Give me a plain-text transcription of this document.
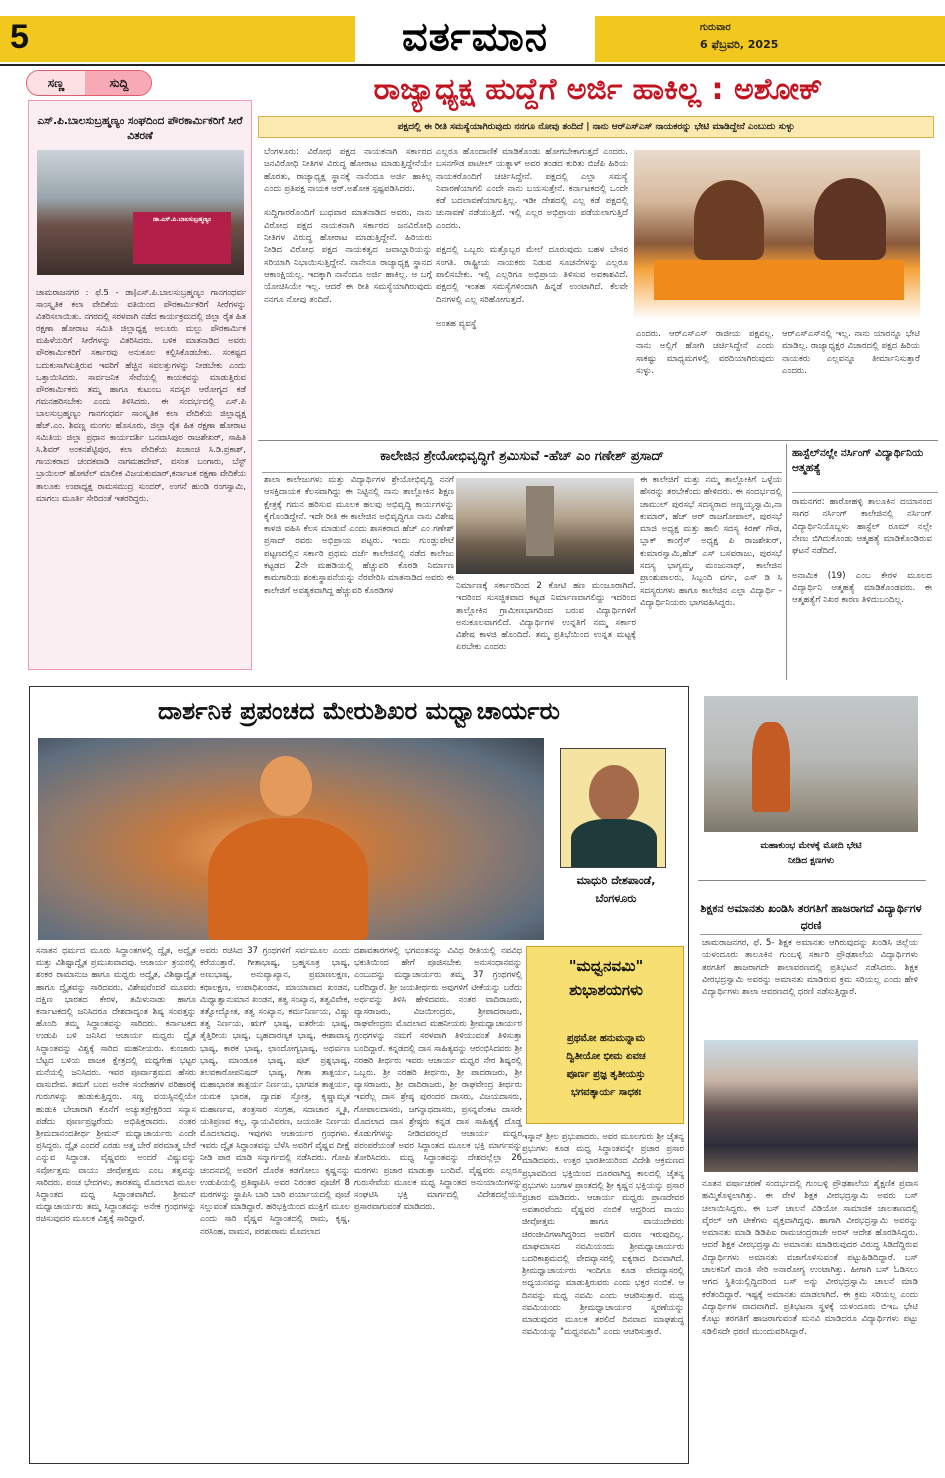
5	ವರ್ತಮಾನ	ಗುರುವಾರ
6 ಫೆಬ್ರವರಿ, 2025
ಸಣ್ಣ	ಸುದ್ದಿ
ಎಸ್.ಪಿ.ಬಾಲಸುಬ್ರಹ್ಮಣ್ಯಂ ಸಂಘದಿಂದ ಪೌರಕಾರ್ಮಿಕರಿಗೆ ಸೀರೆ ವಿತರಣೆ
ಡಾ.ಎಸ್.ಪಿ.ಬಾಲಸುಬ್ರಹ್ಮಣ್ಯಂ
ಚಾಮರಾಜನಗರ : ಫೆ.5 - ಡಾ|ಎಸ್.ಪಿ.ಬಾಲಸುಬ್ರಹ್ಮಣ್ಯಂ ಗಾನಗಂಧರ್ವ ಸಾಂಸ್ಕೃತಿಕ ಕಲಾ ವೇದಿಕೆಯ ವತಿಯಿಂದ ಪೌರಕಾರ್ಮಿಕರಿಗೆ ಸೀರೆಗಳನ್ನು ವಿತರಿಸಲಾಯಿತು. ನಗರದಲ್ಲಿ ಸರಳವಾಗಿ ನಡೆದ ಕಾರ್ಯಕ್ರಮದಲ್ಲಿ ಜಿಲ್ಲಾ ರೈತ ಹಿತ ರಕ್ಷಣಾ ಹೋರಾಟ ಸಮಿತಿ ಜಿಲ್ಲಾಧ್ಯಕ್ಷ ಅಲೂರು ಮಲ್ಲು ಪೌರಕಾರ್ಮಿಕ ಮಹಿಳೆಯರಿಗೆ ಸೀರೆಗಳನ್ನು ವಿತರಿಸಿದರು. ಬಳಿಕ ಮಾತನಾಡಿದ ಅವರು ಪೌರಕಾರ್ಮಿಕರಿಗೆ ಸರ್ಕಾರವು ಅನುಕೂಲ ಕಲ್ಪಿಸಿಕೊಡಬೇಕು. ಸಂಕಷ್ಟದ ಬದುಕುಸಾಗಿಸುತ್ತಿರುವ ಇವರಿಗೆ ಹೆಚ್ಚಿನ ಸವಲತ್ತುಗಳನ್ನು ನೀಡಬೇಕು ಎಂದು ಒತ್ತಾಯಿಸಿದರು. ಸಾರ್ವಜನಿಕ ಸೇವೆಯಲ್ಲಿ ಕಾಯಕವನ್ನು ಮಾಡುತ್ತಿರುವ ಪೌರಕಾರ್ಮಿಕರು ತಮ್ಮ ಹಾಗೂ ಕುಟುಂಬ ಸದಸ್ಯರ ಆರೋಗ್ಯದ ಕಡೆ ಗಮನಹರಿಸಬೇಕು ಎಂದು ತಿಳಿಸಿದರು. ಈ ಸಂದರ್ಭದಲ್ಲಿ ಎಸ್.ಪಿ ಬಾಲಸುಬ್ರಹ್ಮಣ್ಯಂ ಗಾನಗಂಧರ್ವ ಸಾಂಸ್ಕೃತಿಕ ಕಲಾ ವೇದಿಕೆಯ ಜಿಲ್ಲಾಧ್ಯಕ್ಷ ಹೆಚ್.ಎಂ. ಶಿವಣ್ಣ ಮಂಗಲ ಹೊಸೂರು, ಜಿಲ್ಲಾ ರೈತ ಹಿತ ರಕ್ಷಣಾ ಹೋರಾಟ ಸಮಿತಿಯ ಜಿಲ್ಲಾ ಪ್ರಧಾನ ಕಾರ್ಯದರ್ಶಿ ಬನವಾಸಿಪುರ ರಾಜಶೇಖರ್, ಸಾಹಿತಿ ಸಿ.ಶಿವರ್ ಅಂಕನಶೆಟ್ಟಿಪುರ, ಕಲಾ ವೇದಿಕೆಯ ಖಜಾಂಚಿ ಸಿ.ಡಿ.ಪ್ರಕಾಶ್, ಗಾಯಕರಾದ ಚಂದಕವಾಡಿ ನಾಗಮಹದೇವ್, ವಸಂತ ಬಂಗಾರು, ಬೆಸ್ಟ್ ಬ್ರಾಯಿಲರ್ ಹೋಟೆಲ್ ಮಾಲೀಕ ವಿಜಯಕುಮಾರ್,ಕರ್ನಾಟಕ ರಕ್ಷಣಾ ವೇದಿಕೆಯ ತಾಲೂಕು ಉಪಾಧ್ಯಕ್ಷ ರಾಮಸಮುದ್ರ ಸುಂದರ್, ಉಗನೆ ಹುಂಡಿ ರಂಗಸ್ವಾಮಿ, ಮಾಗಲು ಮೂರ್ತಿ ಸೇರಿದಂತೆ ಇತರರಿದ್ದರು.
ರಾಜ್ಯಾಧ್ಯಕ್ಷ ಹುದ್ದೆಗೆ ಅರ್ಜಿ ಹಾಕಿಲ್ಲ : ಅಶೋಕ್
ಪಕ್ಷದಲ್ಲಿ ಈ ರೀತಿ ಸಮಸ್ಯೆಯಾಗಿರುವುದು ನನಗೂ ನೋವು ತಂದಿದೆ | ನಾನು ಆರ್‌ಎಸ್‌ಎಸ್ ನಾಯಕರನ್ನು ಭೇಟಿ ಮಾಡಿದ್ದೇನೆ ಎಂಬುದು ಸುಳ್ಳು
ಬೆಂಗಳೂರು: ವಿರೋಧ ಪಕ್ಷದ ನಾಯಕನಾಗಿ ಸರ್ಕಾರದ ಜನವಿರೋಧಿ ನೀತಿಗಳ ವಿರುದ್ಧ ಹೋರಾಟ ಮಾಡುತ್ತಿದ್ದೇನೆಯೇ ಹೊರತು, ರಾಜ್ಯಾಧ್ಯಕ್ಷ ಸ್ಥಾನಕ್ಕೆ ನಾನೆಂದೂ ಅರ್ಜಿ ಹಾಕಿಲ್ಲ ಎಂದು ಪ್ರತಿಪಕ್ಷ ನಾಯಕ ಆರ್.ಅಶೋಕ ಸ್ಪಷ್ಟಪಡಿಸಿದರು.

ಸುದ್ದಿಗಾರರೊಂದಿಗೆ ಬುಧವಾರ ಮಾತನಾಡಿದ ಅವರು, ನಾನು ವಿರೋಧ ಪಕ್ಷದ ನಾಯಕನಾಗಿ ಸರ್ಕಾರದ ಜನವಿರೋಧಿ ನೀತಿಗಳ ವಿರುದ್ಧ ಹೋರಾಟ ಮಾಡುತ್ತಿದ್ದೇನೆ. ಹಿರಿಯರು ನೀಡಿದ ವಿರೋಧ ಪಕ್ಷದ ನಾಯಕತ್ವದ ಜವಾಬ್ದಾರಿಯನ್ನು ಸರಿಯಾಗಿ ನಿಭಾಯಿಸುತ್ತಿದ್ದೇನೆ. ನಾನೇನೂ ರಾಜ್ಯಾಧ್ಯಕ್ಷ ಸ್ಥಾನದ ಆಕಾಂಕ್ಷಿಯಲ್ಲ. ಇದಕ್ಕಾಗಿ ನಾನೆಂದೂ ಅರ್ಜಿ ಹಾಕಿಲ್ಲ. ಆ ಬಗ್ಗೆ ಯೋಚಿಸಿಯೇ ಇಲ್ಲ. ಆದರೆ ಈ ರೀತಿ ಸಮಸ್ಯೆಯಾಗಿರುವುದು ನನಗೂ ನೋವು ತಂದಿದೆ.
ಎಲ್ಲರೂ ಹೊಂದಾಣಿಕೆ ಮಾಡಿಕೊಂಡು ಹೋಗಬೇಕಾಗುತ್ತದೆ ಎಂದರು. ಬಸನಗೌಡ ಪಾಟೀಲ್ ಯತ್ನಾಳ್ ಅವರ ತಂಡದ ಕುರಿತು ಬಿಜೆಪಿ ಹಿರಿಯ ನಾಯಕರೊಂದಿಗೆ ಚರ್ಚಿಸಿದ್ದೇನೆ. ಪಕ್ಷದಲ್ಲಿ ಎಲ್ಲಾ ಸಮಸ್ಯೆ ನಿವಾರಣೆಯಾಗಲಿ ಎಂದೇ ನಾನು ಬಯಸುತ್ತೇನೆ. ಕರ್ನಾಟಕದಲ್ಲಿ ಒಂದೇ ಕಡೆ ಬದಲಾವಣೆಯಾಗುತ್ತಿಲ್ಲ. ಇಡೀ ದೇಶದಲ್ಲಿ ಎಲ್ಲ ಕಡೆ ಪಕ್ಷದಲ್ಲಿ ಚುನಾವಣೆ ನಡೆಯುತ್ತಿದೆ. ಇಲ್ಲಿ ಎಲ್ಲರ ಅಭಿಪ್ರಾಯ ಪಡೆಯಲಾಗುತ್ತಿದೆ ಎಂದರು.

ಪಕ್ಷದಲ್ಲಿ ಒಬ್ಬರು ಮತ್ತೊಬ್ಬರ ಮೇಲೆ ದೂರುವುದು ಬಹಳ ಬೇಸರ ಸಂಗತಿ. ರಾಷ್ಟ್ರೀಯ ನಾಯಕರು ನಿಡುವ ಸೂಚನೆಗಳನ್ನು ಎಲ್ಲರೂ ಪಾಲಿಸಬೇಕು. ಇಲ್ಲಿ ಎಲ್ಲರಿಗೂ ಅಭಿಪ್ರಾಯ ತಿಳಿಸುವ ಅವಕಾಶವಿದೆ. ಪಕ್ಷದಲ್ಲಿ ಇಂತಹ ಸಮಸ್ಯೆಗಳಿಂದಾಗಿ ಹಿನ್ನಡೆ ಉಂಟಾಗಿದೆ. ಕೆಲವೇ ದಿನಗಳಲ್ಲಿ ಎಲ್ಲ ಸರಿಹೋಗುತ್ತದೆ.

ಅಂತಹ ವ್ಯವಸ್ಥೆ
ಎಂದರು. ಆರ್‌ಎಸ್‌ಎಸ್ ರಾಜೀಯ ಪಕ್ಷವಲ್ಲ. ನಾನು ಅಲ್ಲಿಗೆ ಹೋಗಿ ಚರ್ಚಿಸಿದ್ದೇನೆ ಎಂದು ಸಾಕಷ್ಟು ಮಾಧ್ಯಮಗಳಲ್ಲಿ ವರದಿಯಾಗಿರುವುದು ಸುಳ್ಳು.
ಆರ್‌ಎಸ್‌ಎಸ್‌ನಲ್ಲಿ ಇಲ್ಲ. ನಾನು ಯಾರನ್ನೂ ಭೇಟಿ ಮಾಡಿಲ್ಲ. ರಾಜ್ಯಾಧ್ಯಕ್ಷರ ವಿಚಾರದಲ್ಲಿ ಪಕ್ಷದ ಹಿರಿಯ ನಾಯಕರು ಎಲ್ಲವನ್ನೂ ತೀರ್ಮಾನಿಸುತ್ತಾರೆ ಎಂದರು.
ಕಾಲೇಜಿನ ಶ್ರೇಯೋಭಿವೃದ್ಧಿಗೆ ಶ್ರಮಿಸುವೆ -ಹೆಚ್ ಎಂ ಗಣೇಶ್ ಪ್ರಸಾದ್
ಶಾಲಾ ಕಾಲೇಜುಗಳು ಮತ್ತು ವಿದ್ಯಾರ್ಥಿಗಳ ಶ್ರೇಯೋಭಿವೃದ್ಧಿ ನನಗೆ ಆಸಕ್ತಿದಾಯಕ ಕೆಲಸವಾಗಿದ್ದು ಈ ನಿಟ್ಟಿನಲ್ಲಿ ನಾನು ತಾಲ್ಲೋಕಿನ ಶಿಕ್ಷಣ ಕ್ಷೇತ್ರಕ್ಕೆ ಗಮನ ಹರಿಸುವ ಮೂಲಕ ಹಲವು ಅಭಿವೃದ್ಧಿ ಕಾರ್ಯಗಳನ್ನು ಕೈಗೊಂಡಿದ್ದೇನೆ. ಇದೇ ರೀತಿ ಈ ಕಾಲೇಜಿನ ಅಭಿವೃದ್ಧಿಗೂ ನಾನು ವಿಶೇಷ ಕಾಳಜಿ ವಹಿಸಿ ಕೆಲಸ ಮಾಡುವೆ ಎಂದು ಶಾಸಕರಾದ ಹೆಚ್ ಎಂ ಗಣೇಶ್ ಪ್ರಸಾದ್ ರವರು ಅಭಿಪ್ರಾಯ ಪಟ್ಟರು. ಇಂದು ಗುಂಡ್ಲುಪೇಟೆ ಪಟ್ಟಣದಲ್ಲಿನ ಸರ್ಕಾರಿ ಪ್ರಥಮ ದರ್ಜೆ ಕಾಲೇಜಿನಲ್ಲಿ ನಡೆದ ಕಾಲೇಜು ಕಟ್ಟಡದ 2ನೇ ಮಹಡಿಯಲ್ಲಿ ಹೆಚ್ಚುವರಿ ಕೊಠಡಿ ನಿರ್ಮಾಣ ಕಾಮಗಾರಿಯ ಶಂಕುಸ್ಥಾಪನೆಯನ್ನು ನೆರವೇರಿಸಿ ಮಾತನಾಡಿದ ಅವರು ಈ ಕಾಲೇಜಿಗೆ ಅವಶ್ಯಕವಾಗಿದ್ದ ಹೆಚ್ಚುವರಿ ಕೊಠಡಿಗಳ	ನಿರ್ಮಾಣಕ್ಕೆ ಸರ್ಕಾರದಿಂದ 2 ಕೋಟಿ ಹಣ ಮಂಜೂರಾಗಿದೆ. ಇದರಿಂದ ಸುಸಜ್ಜಿತವಾದ ಕಟ್ಟಡ ನಿರ್ಮಾಣವಾಗಲಿದ್ದು ಇದರಿಂದ ತಾಲ್ಲೋಕಿನ ಗ್ರಾಮೀಣಭಾಗದಿಂದ ಬರುವ ವಿದ್ಯಾರ್ಥಿಗಳಿಗೆ ಅನುಕೂಲವಾಗಲಿದೆ. ವಿದ್ಯಾರ್ಥಿಗಳ ಉನ್ನತಿಗೆ ನಮ್ಮ ಸರ್ಕಾರ ವಿಶೇಷ ಕಾಳಜಿ ಹೊಂದಿದೆ. ತಮ್ಮ ಪ್ರತಿಭೆಯಿಂದ ಉನ್ನತ ಮಟ್ಟಕ್ಕೆ ಏರಬೇಕು ಎಂದರು
ಈ ಕಾಲೇಜಿಗೆ ಮತ್ತು ನಮ್ಮ ತಾಲ್ಲೋಕಿಗೆ ಒಳ್ಳೆಯ ಹೆಸರನ್ನು ತರಬೇಕೆಂದು ಹೇಳಿದರು. ಈ ಸಂದರ್ಭದಲ್ಲಿ ಚಾಮುಲ್ ಪುರಸಭೆ ಸದಸ್ಯರಾದ ಅಣ್ಣಯ್ಯಸ್ವಾಮಿ,ನಾ ಕುಮಾರ್, ಹೆಚ್ ಆರ್ ರಾಜಗೋಪಾಲ್, ಪುರಸಭೆ ಮಾಜಿ ಅಧ್ಯಕ್ಷ ಮತ್ತು ಹಾಲಿ ಸದಸ್ಯ ಕಿರಣ್ ಗೌಡ, ಬ್ಲಾಕ್ ಕಾಂಗ್ರೆಸ್ ಅಧ್ಯಕ್ಷ ಪಿ ರಾಜಶೇಖರ್, ಕುಮಾರಸ್ವಾಮಿ,ಹೆಚ್ ಎಸ್ ಬಸವರಾಜು, ಪುರಸಭೆ ಸದಸ್ಯ ಭಾಗ್ಯಮ್ಮ, ಮಂಜುನಾಥ್, ಕಾಲೇಜಿನ ಪ್ರಾಂಶುಪಾಲರು, ಸಿಬ್ಬಂದಿ ವರ್ಗ, ಎಸ್ ಡಿ ಸಿ ಸದಸ್ಯರುಗಳು ಹಾಗೂ ಕಾಲೇಜಿನ ಎಲ್ಲಾ ವಿದ್ಯಾರ್ಥಿ - ವಿದ್ಯಾರ್ಥಿನಿಯರು ಭಾಗವಹಿಸಿದ್ದರು.
ಹಾಸ್ಟೆಲ್‌ನಲ್ಲೇ ನರ್ಸಿಂಗ್ ವಿದ್ಯಾರ್ಥಿನಿಯ ಆತ್ಮಹತ್ಯೆ
ರಾಮನಗರ: ಹಾರೋಹಳ್ಳಿ ತಾಲೂಕಿನ ದಯಾನಂದ ಸಾಗರ ನರ್ಸಿಂಗ್ ಕಾಲೇಜಿನಲ್ಲಿ ನರ್ಸಿಂಗ್ ವಿದ್ಯಾರ್ಥಿನಿಯೊಬ್ಬಳು ಹಾಸ್ಟೆಲ್ ರೂಮ್ ನಲ್ಲೇ ನೇಣು ಬಿಗಿದುಕೊಂಡು ಆತ್ಮಹತ್ಯೆ ಮಾಡಿಕೊಂಡಿರುವ ಘಟನೆ ನಡೆದಿದೆ.

ಅನಾಮಿಕ (19) ಎಂಬ ಕೇರಳ ಮೂಲದ ವಿದ್ಯಾರ್ಥಿನಿ ಆತ್ಮಹತ್ಯೆ ಮಾಡಿಕೊಂಡವರು. ಈ ಆತ್ಮಹತ್ಯೆಗೆ ನಿಖರ ಕಾರಣ ತಿಳಿದುಬಂದಿಲ್ಲ.
ದಾರ್ಶನಿಕ ಪ್ರಪಂಚದ ಮೇರುಶಿಖರ ಮಧ್ವಾಚಾರ್ಯರು
ಮಾಧುರಿ ದೇಶಪಾಂಡೆ,
ಬೆಂಗಳೂರು
ಸನಾತನ ಧರ್ಮದ ಮೂರು ಸಿದ್ಧಾಂತಗಳಲ್ಲಿ ದ್ವೈತ, ಅದ್ವೈತ ಮತ್ತು ವಿಶಿಷ್ಟಾದ್ವೈತ ಪ್ರಮುಖವಾದವು. ಆಚಾರ್ಯ ತ್ರಯರಲ್ಲಿ ಶಂಕರ ರಾಮಾನುಜ ಹಾಗೂ ಮಧ್ವರು ಅದ್ವೈತ, ವಿಶಿಷ್ಟಾದ್ವೈತ ಹಾಗೂ ದ್ವೈತವನ್ನು ಸಾರಿದವರು. ವಿಶೇಷವೆಂದರೆ ಮೂವರು ದಕ್ಷಿಣ ಭಾರತದ ಕೇರಳ, ತಮಿಳುನಾಡು ಹಾಗೂ ಕರ್ನಾಟಕದಲ್ಲಿ ಜನಿಸಿದರೂ ದೇಶದಾದ್ಯಂತ ಶಿಷ್ಯ ಸಂಪತ್ತನ್ನು ಹೊಂದಿ ತಮ್ಮ ಸಿದ್ಧಾಂತವನ್ನು ಸಾರಿದರು. ಕರ್ನಾಟಕದ ಉಡುಪಿ ಬಳಿ ಜನಿಸಿದ ಆಚಾರ್ಯ ಮಧ್ವರು ದ್ವೈತ ಸಿದ್ಧಾಂತವನ್ನು ವಿಶ್ವಕ್ಕೆ ಸಾರಿದ ಮಹನೀಯರು. ಕುಂಜಾರು ಬೆಟ್ಟದ ಬಳಿಯ ಪಾಜಕ ಕ್ಷೇತ್ರದಲ್ಲಿ ಮಧ್ಯಗೇಹ ಭಟ್ಟರ ಮನೆಯಲ್ಲಿ ಜನಿಸಿದರು. ಇವರ ಪೂರ್ವಾಶ್ರಮದ ಹೆಸರು ವಾಸುದೇವ. ತಮಗೆ ಬಂದ ಅನೇಕ ಸಂದೇಹಗಳ ಪರಿಹಾರಕ್ಕೆ ಗುರುಗಳನ್ನು ಹುಡುಕುತ್ತಿದ್ದರು. ಸಣ್ಣ ವಯಸ್ಸಿನಲ್ಲಿಯೇ ಹುಡುಕಿ ಬೇಜಾರಾಗಿ ಕೊನೆಗೆ ಅಚ್ಯುತಪ್ರೇಕ್ಷರಿಂದ ಸನ್ಯಾಸ ಪಡೆದು ಪೂರ್ಣಪ್ರಜ್ಞರೆಂದು ಅಭಿಷಿಕ್ತರಾದರು. ನಂತರ ಶ್ರೀಮದಾನಂದತೀರ್ಥ ಶ್ರೀಮನ್ ಮಧ್ವಾಚಾರ್ಯರು ಎಂದೇ ಪ್ರಸಿದ್ಧರು. ದ್ವೈತ ಎಂದರೆ ಎರಡು ಅತ್ಮ ಬೇರೆ ಪರಮಾತ್ಮ ಬೇರೆ ಎನ್ನುವ ಸಿದ್ಧಾಂತ. ವೈಷ್ಣವರು ಅಂದರೆ ವಿಷ್ಣುವನ್ನು ಸರ್ವೋತ್ತಮ ವಾಯು ಜೀವೋತ್ತಮ ಎಂಬ ತತ್ವವನ್ನು ಸಾರಿದರು. ಪಂಚ ಭೇದಗಳು, ತಾರತಮ್ಯ ಮೊದಲಾದ ಮೂಲ ಸಿದ್ಧಾಂತದ ಮಧ್ವ ಸಿದ್ಧಾಂತವಾಗಿದೆ. ಶ್ರೀಮನ್ ಮಧ್ವಾಚಾರ್ಯರು ತಮ್ಮ ಸಿದ್ಧಾಂತವನ್ನು ಅನೇಕ ಗ್ರಂಥಗಳನ್ನು ರಚಿಸುವುದರ ಮೂಲಕ ವಿಶ್ವಕ್ಕೆ ಸಾರಿದ್ದಾರೆ.
ಅವರು ರಚಿಸಿದ 37 ಗ್ರಂಥಗಳಿಗೆ ಸರ್ವಮೂಲ ಎಂದು ಕರೆಯುತ್ತಾರೆ. ಗೀತಾಭಾಷ್ಯ, ಬ್ರಹ್ಮಸೂತ್ರ ಭಾಷ್ಯ, ಅಣುಭಾಷ್ಯ, ಅನುವ್ಯಾಖ್ಯಾನ, ಪ್ರಮಾಣಲಕ್ಷಣ, ಕಥಾಲಕ್ಷಣ, ಉಪಾಧಿಖಂಡನ, ಮಾಯಾವಾದ ಖಂಡನ, ಮಿಥ್ಯಾತ್ವಾನುಮಾನ ಖಂಡನ, ತತ್ವ ಸಂಖ್ಯಾನ, ತತ್ವವಿವೇಕ, ತತ್ವೋದ್ಯೋತ, ತತ್ವ ಸಂಖ್ಯಾನ, ಕರ್ಮನಿರ್ಣಯ, ವಿಷ್ಣು ತತ್ವ ನಿರ್ಣಯ, ಋಗ್ ಭಾಷ್ಯ, ಐತರೇಯ ಭಾಷ್ಯ, ತೈತ್ತಿರೀಯ ಭಾಷ್ಯ, ಬೃಹದಾರಣ್ಯಕ ಭಾಷ್ಯ, ಈಶಾವಾಸ್ಯ ಭಾಷ್ಯ, ಕಾಠಕ ಭಾಷ್ಯ, ಛಾಂದೋಗ್ಯಭಾಷ್ಯ, ಅಥರ್ವಣ ಭಾಷ್ಯ, ಮಾಂಡೂಕ ಭಾಷ್ಯ, ಷಟ್ ಪ್ರಶ್ನಭಾಷ್ಯ, ತಲವಕಾರೋಪನಿಷದ್ ಭಾಷ್ಯ, ಗೀತಾ ತಾತ್ಪರ್ಯ, ಮಹಾಭಾರತ ತಾತ್ಪರ್ಯ ನಿರ್ಣಯ, ಭಾಗವತ ತಾತ್ಪರ್ಯ, ಯಮಕ ಭಾರತ, ದ್ವಾದಶ ಸ್ತೋತ್ರ, ಕೃಷ್ಣಾಮೃತ ಮಹಾರ್ಣವ, ತಂತ್ರಸಾರ ಸಂಗ್ರಹ, ಸದಾಚಾರ ಸ್ಮೃತಿ, ಯತಿಪ್ರಣವ ಕಲ್ಪ, ನ್ಯಾಯವಿವರಣ, ಜಯಂತೀ ನಿರ್ಣಯ ಮೊದಲಾದವು. ಇವುಗಳು ಆಚಾರ್ಯರ ಗ್ರಂಥಗಳು. ಇವರು ದ್ವೈತ ಸಿದ್ಧಾಂತವನ್ನು ಬೆಳೆಸಿ ಅವರಿಗೆ ವೈಷ್ಣವ ದೀಕ್ಷೆ ನೀಡಿ ಪಾಠ ಮಾಡಿ ಸನ್ಮಾರ್ಗದಲ್ಲಿ ನಡೆಸಿದರು. ಗೋಪಿ ಚಂದನದಲ್ಲಿ ಅವರಿಗೆ ದೊರೆತ ಕಡಗೋಲು ಕೃಷ್ಣನನ್ನು ಉಡುಪಿಯಲ್ಲಿ ಪ್ರತಿಷ್ಠಾಪಿಸಿ ಅವರ ನಿರಂತರ ಪೂಜೆಗೆ 8 ಮಠಗಳನ್ನು ಸ್ಥಾಪಿಸಿ ಬಾರಿ ಬಾರಿ ಪರ್ಯಾಯದಲ್ಲಿ ಪೂಜೆ ಸಲ್ಲುವಂತೆ ಮಾಡಿದ್ದಾರೆ. ಹರಿಭಕ್ತಿಯಿಂದ ಮುಕ್ತಿಗೆ ಮೂಲ ಎಂದು ಸಾರಿ ವೈಷ್ಣವ ಸಿದ್ಧಾಂತದಲ್ಲಿ ರಾಮ, ಕೃಷ್ಣ, ನರಸಿಂಹ, ವಾಮನ, ಪರಶುರಾಮ ಮೊದಲಾದ
ದಶಾವತಾರಗಳಲ್ಲಿ ಭಗವಂತನನ್ನು ವಿವಿಧ ರೀತಿಯಲ್ಲಿ ನವವಿಧ ಭಕುತಿಯಿಂದ ಹೇಗೆ ಪೂಜಿಸಬೇಕು ಅನುಸಂಧಾನವನ್ನು ಎಂಬುದನ್ನು ಮಧ್ವಾಚಾರ್ಯರು ತಮ್ಮ 37 ಗ್ರಂಥಗಳಲ್ಲಿ ಬರೆದಿದ್ದಾರೆ. ಶ್ರೀ ಜಯತೀರ್ಥರು ಅವುಗಳಿಗೆ ಟೀಕೆಯನ್ನು ಬರೆದು ಅರ್ಥವನ್ನು ತಿಳಿಸಿ ಹೇಳಿದವರು. ನಂತರ ವಾದಿರಾಜರು, ವ್ಯಾಸರಾಜರು, ವಿಜಯೀಂದ್ರರು, ಶ್ರೀಪಾದರಾಜರು, ರಾಘವೇಂದ್ರರು ಮೊದಲಾದ ಮಹನೀಯರು ಶ್ರೀಮಧ್ವಾಚಾರ್ಯರ ಗ್ರಂಥಗಳನ್ನು ನಮಗೆ ಸರಳವಾಗಿ ತಿಳಿಯುವಂತೆ ತಿಳಿಸುತ್ತಾ ಬಂದಿದ್ದಾರೆ. ಕನ್ನಡದಲ್ಲಿ ದಾಸ ಸಾಹಿತ್ಯವನ್ನು ಆರಂಭಿಸಿದವರು ಶ್ರೀ ನರಹರಿ ತೀರ್ಥರು ಇವರು ಆಚಾರ್ಯ ಮಧ್ವರ ನೇರ ಶಿಷ್ಯರಲ್ಲಿ ಒಬ್ಬರು. ಶ್ರೀ ನರಹರಿ ತೀರ್ಥರು, ಶ್ರೀ ಪಾದರಾಜರು, ಶ್ರೀ ವ್ಯಾಸರಾಜರು, ಶ್ರೀ ವಾದಿರಾಜರು, ಶ್ರೀ ರಾಘವೇಂದ್ರ ತೀರ್ಥರು ಇವರೆಲ್ಲ ದಾಸ ಶ್ರೇಷ್ಠ ಪುರಂದರ ದಾಸರು, ವಿಜಯದಾಸರು, ಗೋಪಾಲದಾಸರು, ಜಗನ್ನಾಥದಾಸರು, ಪ್ರಸನ್ನವೆಂಕಟ ದಾಸರೇ ಮೊದಲಾದ ದಾಸ ಶ್ರೇಷ್ಠರು ಕನ್ನಡ ದಾಸ ಸಾಹಿತ್ಯಕ್ಕೆ ದೊಡ್ಡ ಕೊಡುಗೆಗಳನ್ನು ನೀಡಿದವರಲ್ಲದೆ ಆಚಾರ್ಯ ಮಧ್ವರ ಪರಂಪರೆಯಂತೆ ಅವರ ಸಿದ್ಧಾಂತದ ಮೂಲಕ ಭಕ್ತಿ ಮಾರ್ಗವನ್ನು ತೋರಿಸಿದರು. ಮಧ್ವ ಸಿದ್ಧಾಂತವನ್ನು ದೇಶದಲ್ಲೆಲ್ಲಾ 26 ಮಠಗಳು ಪ್ರಚಾರ ಮಾಡುತ್ತಾ ಬಂದಿವೆ. ವೈಷ್ಣವರು ಎಲ್ಲರೂ ಗುರುಸೇವೆಯ ಮೂಲಕ ಮಧ್ವ ಸಿದ್ಧಾಂತದ ಅನುಯಾಯಿಗಳನ್ನು ಸಂಘಟಿಸಿ ಭಕ್ತಿ ಮಾರ್ಗದಲ್ಲಿ ವಿದೇಶದಲ್ಲೆಯೂ ಪ್ರಸಾರವಾಗುವಂತೆ ಮಾಡಿದರು.
"ಮಧ್ವನವಮಿ"
ಶುಭಾಶಯಗಳು
ಪ್ರಥಮೋ ಹನುಮನ್ನಾಮ
ದ್ವಿತೀಯೋ ಭೀಮ ಏವಚ
ಪೂರ್ಣ ಪ್ರಜ್ಞ ತೃತೀಯಸ್ತು
ಭಗವತ್ಕಾರ್ಯ ಸಾಧಕಃ
ಇಸ್ಕಾನ್ ಶ್ರೀಲ ಪ್ರಭುಪಾದರು. ಅವರ ಮೂಲಗುರು ಶ್ರೀ ಚೈತನ್ಯ ಪ್ರಭುಗಳು ಕೂಡ ಮಧ್ವ ಸಿದ್ಧಾಂತವನ್ನೇ ಪ್ರಚಾರ ಪ್ರಸಾರ ಮಾಡಿದವರು. ಉತ್ತರ ಭಾರತೀಯರಿಂದ ವಿದೇಶಿ ಆಕ್ರಮಣದ ಪ್ರಭಾವದಿಂದ ಭಕ್ತಿಯಿಂದ ದೂರವಾಗಿದ್ದ ಕಾಲದಲ್ಲಿ ಚೈತನ್ಯ ಪ್ರಭುಗಳು ಬಂಗಾಳ ಪ್ರಾಂತದಲ್ಲಿ ಶ್ರೀ ಕೃಷ್ಣನ ಭಕ್ತಿಯನ್ನು ಪ್ರಸಾರ ಪ್ರಚಾರ ಮಾಡಿದರು. ಆಚಾರ್ಯ ಮಧ್ವರು ಪ್ರಾಣದೇವರ ಅವತಾರವೆಂದು ವೈಷ್ಣವರ ನಂಬಿಕೆ ಆದ್ದರಿಂದ ವಾಯು ಜೀವೋತ್ತಮ ಹಾಗೂ ವಾಯುದೇವರು ಚಿರಂಜೀವಿಗಳಾಗಿದ್ದರಿಂದ ಅವರಿಗೆ ಮರಣ ಇರುವುದಿಲ್ಲ. ಮಾಘಮಾಸದ ನವಮಿಯಂದು ಶ್ರೀಮಧ್ವಾಚಾರ್ಯರು ಬದರಿಕಾಶ್ರಮದಲ್ಲಿ ವೇದವ್ಯಾಸರಲ್ಲಿ ಐಕ್ಯರಾದ ದಿನವಾಗಿದೆ. ಶ್ರೀಮಧ್ವಾಚಾರ್ಯರು ಇಂದಿಗೂ ಕೂಡ ವೇದವ್ಯಾಸರಲ್ಲಿ ಅಧ್ಯಯನವನ್ನು ಮಾಡುತ್ತಿರುವರು ಎಂದು ಭಕ್ತರ ನಂಬಿಕೆ. ಆ ದಿನವನ್ನು ಮಧ್ವ ನವಮಿ ಎಂದು ಆಚರಿಸುತ್ತಾರೆ. ಮಧ್ವ ನವಮಿಯಂದು ಶ್ರೀಮಧ್ವಾಚಾರ್ಯರ ಸ್ಮರಣೆಯನ್ನು ಮಾಡುವುದರ ಮೂಲಕ ತರಲಿದೆ ದಿನವಾದ ಮಾಘಶುದ್ಧ ನವಮಿಯನ್ನು "ಮಧ್ವನವಮಿ" ಎಂದು ಆಚರಿಸುತ್ತಾರೆ.
ಮಹಾಕುಂಭ ಮೇಳಕ್ಕೆ ಮೋದಿ ಭೇಟಿ
ನೀಡಿದ ಕ್ಷಣಗಳು
ಶಿಕ್ಷಕನ ಅಮಾನತು ಖಂಡಿಸಿ ತರಗತಿಗೆ ಹಾಜರಾಗದೆ ವಿದ್ಯಾರ್ಥಿಗಳ ಧರಣಿ
ಚಾಮರಾಜನಗರ, ಫೆ. 5- ಶಿಕ್ಷಕ ಅಮಾನತು ಆಗಿರುವುದನ್ನು ಖಂಡಿಸಿ ಜಿಲ್ಲೆಯ ಯಳಂದೂರು ತಾಲೂಕಿನ ಗುಂಬಳ್ಳಿ ಸರ್ಕಾರಿ ಪ್ರೌಢಶಾಲೆಯ ವಿದ್ಯಾರ್ಥಿಗಳು ತರಗತಿಗೆ ಹಾಜರಾಗದೇ ಶಾಲಾವರಣದಲ್ಲಿ ಪ್ರತಿಭಟನೆ ನಡೆಸಿದರು. ಶಿಕ್ಷಕ ವೀರಭದ್ರಸ್ವಾಮಿ ಅವರನ್ನು ಅಮಾನತು ಮಾಡಿರುವ ಕ್ರಮ ಸರಿಯಲ್ಲ ಎಂದು ಹೇಳಿ ವಿದ್ಯಾರ್ಥಿಗಳು ಶಾಲಾ ಆವರಣದಲ್ಲಿ ಧರಣಿ ನಡೆಸುತ್ತಿದ್ದಾರೆ.
ನೂತನ ವರ್ಷಾಚರಣೆ ಸಂದರ್ಭದಲ್ಲಿ ಗುಂಬಳ್ಳಿ ಪ್ರೌಢಶಾಲೆಯ ಶೈಕ್ಷಣಿಕ ಪ್ರವಾಸ ಹಮ್ಮಿಕೊಳ್ಳಲಾಗಿತ್ತು. ಈ ವೇಳೆ ಶಿಕ್ಷಕ ವೀರಭದ್ರಸ್ವಾಮಿ ಅವರು ಬಸ್ ಚಲಾಯಿಸಿದ್ದರು. ಈ ಬಸ್ ಚಾಲನೆ ವಿಡಿಯೋ ಸಾಮಾಜಿಕ ಜಾಲತಾಣದಲ್ಲಿ ವೈರಲ್ ಆಗಿ ಟೀಕೆಗಳು ವ್ಯಕ್ತವಾಗಿದ್ದವು. ಹಾಗಾಗಿ ವೀರಭದ್ರಸ್ವಾಮಿ ಅವರನ್ನು ಅಮಾನತು ಮಾಡಿ ಡಿಡಿಪಿಐ ರಾಮಚಂದ್ರರಾಜೇ ಅರಸ್ ಆದೇಶ ಹೊರಡಿಸಿದ್ದರು. ಆದರೆ ಶಿಕ್ಷಕ ವೀರಭದ್ರಸ್ವಾಮಿ ಅಮಾನತು ಮಾಡಿರುವುದರ ವಿರುದ್ಧ ಸಿಡಿದೆದ್ದಿರುವ ವಿದ್ಯಾರ್ಥಿಗಳು ಅಮಾನತು ವಜಾಗೊಳಿಸುವಂತೆ ಪಟ್ಟುಹಿಡಿದಿದ್ದಾರೆ. ಬಸ್ ಚಾಲಕನಿಗೆ ವಾಂತಿ ಸೇರಿ ಅನಾರೋಗ್ಯ ಉಂಟಾಗಿತ್ತು. ಹೀಗಾಗಿ ಬಸ್ ಓಡಿಸಲು ಆಗದ ಸ್ಥಿತಿಯಲ್ಲಿದ್ದಿದರಿಂದ ಬಸ್ ಅನ್ನು ವೀರಭದ್ರಸ್ವಾಮಿ ಚಾಲನೆ ಮಾಡಿ ಕರೆತಂದಿದ್ದಾರೆ. ಇಷ್ಟಕ್ಕೆ ಅಮಾನತು ಮಾಡಲಾಗಿದೆ. ಈ ಕ್ರಮ ಸರಿಯಲ್ಲ ಎಂದು ವಿದ್ಯಾರ್ಥಿಗಳ ವಾದವಾಗಿದೆ. ಪ್ರತಿಭಟನಾ ಸ್ಥಳಕ್ಕೆ ಯಳಂದೂರು ಬಿಇಒ ಭೇಟಿ ಕೊಟ್ಟು ತರಗತಿಗೆ ಹಾಜರಾಗುವಂತೆ ಮನವಿ ಮಾಡಿದರೂ ವಿದ್ಯಾರ್ಥಿಗಳು ಪಟ್ಟು ಸಡಿಲಿಸದೇ ಧರಣಿ ಮುಂದುವರಿಸಿದ್ದಾರೆ.
